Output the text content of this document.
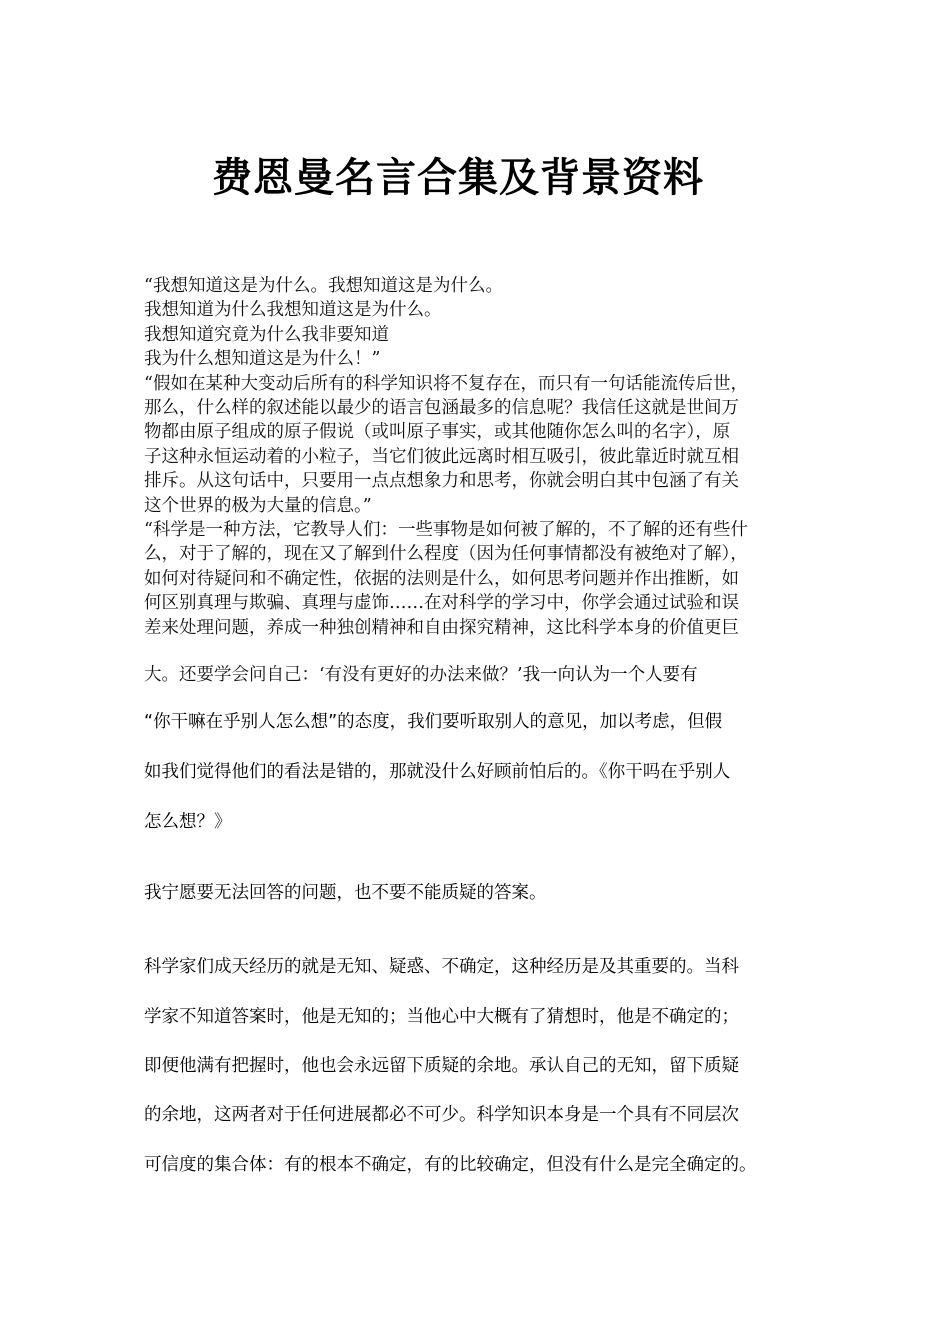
费恩曼名言合集及背景资料
“我想知道这是为什么。我想知道这是为什么。
我想知道为什么我想知道这是为什么。
我想知道究竟为什么我非要知道
我为什么想知道这是为什么！”
“假如在某种大变动后所有的科学知识将不复存在，而只有一句话能流传后世，
那么，什么样的叙述能以最少的语言包涵最多的信息呢？我信任这就是世间万
物都由原子组成的原子假说（或叫原子事实，或其他随你怎么叫的名字），原
子这种永恒运动着的小粒子，当它们彼此远离时相互吸引，彼此靠近时就互相
排斥。从这句话中，只要用一点点想象力和思考，你就会明白其中包涵了有关
这个世界的极为大量的信息。”
“科学是一种方法，它教导人们：一些事物是如何被了解的，不了解的还有些什
么，对于了解的，现在又了解到什么程度（因为任何事情都没有被绝对了解），
如何对待疑问和不确定性，依据的法则是什么，如何思考问题并作出推断，如
何区别真理与欺骗、真理与虚饰……在对科学的学习中，你学会通过试验和误
差来处理问题，养成一种独创精神和自由探究精神，这比科学本身的价值更巨
大。还要学会问自己：‘有没有更好的办法来做？’我一向认为一个人要有
“你干嘛在乎别人怎么想”的态度，我们要听取别人的意见，加以考虑，但假
如我们觉得他们的看法是错的，那就没什么好顾前怕后的。《你干吗在乎别人
怎么想？》
我宁愿要无法回答的问题，也不要不能质疑的答案。
科学家们成天经历的就是无知、疑惑、不确定，这种经历是及其重要的。当科
学家不知道答案时，他是无知的；当他心中大概有了猜想时，他是不确定的；
即便他满有把握时，他也会永远留下质疑的余地。承认自己的无知，留下质疑
的余地，这两者对于任何进展都必不可少。科学知识本身是一个具有不同层次
可信度的集合体：有的根本不确定，有的比较确定，但没有什么是完全确定的。
